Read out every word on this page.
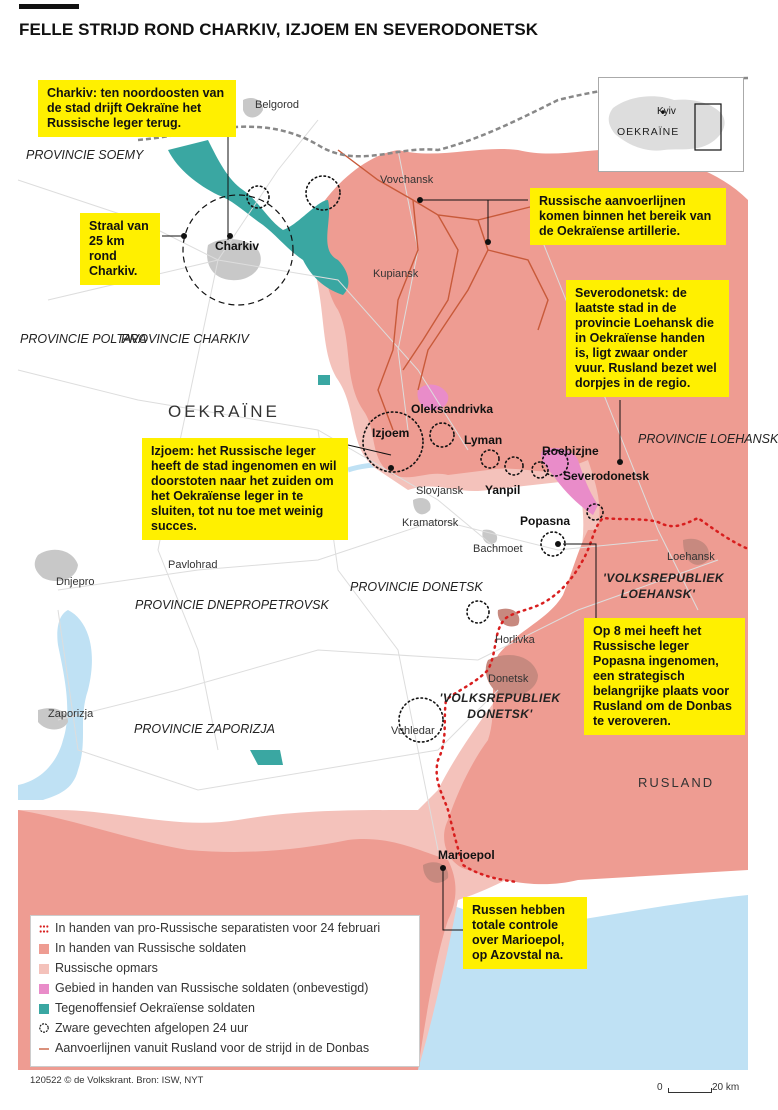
FELLE STRIJD ROND CHARKIV, IZJOEM EN SEVERODONETSK
Kyiv
OEKRAÏNE
Belgorod
Vovchansk
Kupiansk
Charkiv
Oleksandrivka
Izjoem	Lyman
Roebizjne
Severodonetsk
Yanpil
Slovjansk
Kramatorsk	Popasna
Bachmoet
Loehansk
Pavlohrad
Dnjepro
Horlivka
Donetsk
Zaporizja
Vuhledar
Marioepol
PROVINCIE SOEMY
PROVINCIE POLTAVA
PROVINCIE CHARKIV
PROVINCIE LOEHANSK
PROVINCIE DONETSK
PROVINCIE DNEPROPETROVSK
PROVINCIE ZAPORIZJA
OEKRAÏNE
RUSLAND
'VOLKSREPUBLIEK LOEHANSK'
'VOLKSREPUBLIEK DONETSK'
Charkiv: ten noordoosten van de stad drijft Oekraïne het Russische leger terug.
Straal van 25 km rond Charkiv.
Russische aanvoerlijnen komen binnen het bereik van de Oekraïense artillerie.
Severodonetsk: de laatste stad in de provincie Loehansk die in Oekraïense handen is, ligt zwaar onder vuur. Rusland bezet wel dorpjes in de regio.
Izjoem: het Russische leger heeft de stad ingenomen en wil doorstoten naar het zuiden om het Oekraïense leger in te sluiten, tot nu toe met weinig succes.
Op 8 mei heeft het Russische leger Popasna ingenomen, een strategisch belangrijke plaats voor Rusland om de Donbas te veroveren.
Russen hebben totale controle over Marioepol, op Azovstal na.
In handen van pro-Russische separatisten voor 24 februari
In handen van Russische soldaten
Russische opmars
Gebied in handen van Russische soldaten (onbevestigd)
Tegenoffensief Oekraïense soldaten
Zware gevechten afgelopen 24 uur
Aanvoerlijnen vanuit Rusland voor de strijd in de Donbas
120522 © de Volkskrant. Bron: ISW, NYT
0	20 km
